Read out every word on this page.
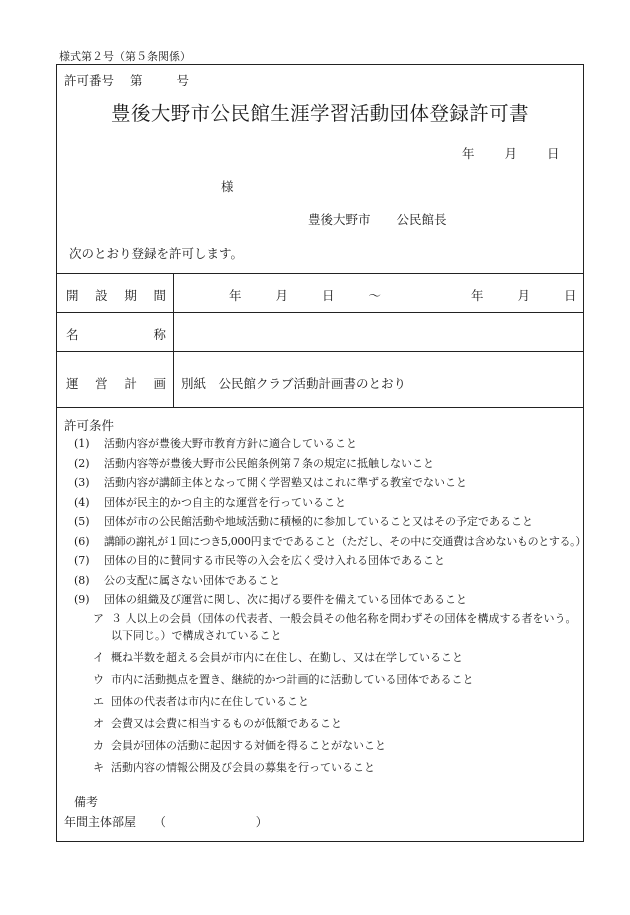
様式第２号（第５条関係）
許可番号 第	号
豊後大野市公民館生涯学習活動団体登録許可書
年 月 日
様
豊後大野市 公民館長
次のとおり登録を許可します。
開 設 期 間	年	月	日	〜	年	月	日
名	称
運 営 計 画 別紙　公民館クラブ活動計画書のとおり
許可条件
(1) 活動内容が豊後大野市教育方針に適合していること
(2) 活動内容等が豊後大野市公民館条例第７条の規定に抵触しないこと
(3) 活動内容が講師主体となって開く学習塾又はこれに準ずる教室でないこと
(4) 団体が民主的かつ自主的な運営を行っていること
(5) 団体が市の公民館活動や地域活動に積極的に参加していること又はその予定であること
(6) 講師の謝礼が１回につき5,000円までであること（ただし、その中に交通費は含めないものとする。）
(7) 団体の目的に賛同する市民等の入会を広く受け入れる団体であること
(8) 公の支配に属さない団体であること
(9) 団体の組織及び運営に関し、次に掲げる要件を備えている団体であること
ア ３ 人以上の会員（団体の代表者、一般会員その他名称を問わずその団体を構成する者をいう。以下同じ。）で構成されていること
イ 概ね半数を超える会員が市内に在住し、在勤し、又は在学していること
ウ 市内に活動拠点を置き、継続的かつ計画的に活動している団体であること
エ 団体の代表者は市内に在住していること
オ 会費又は会費に相当するものが低額であること
カ 会員が団体の活動に起因する対価を得ることがないこと
キ 活動内容の情報公開及び会員の募集を行っていること
備考
年間主体部屋 （	）
